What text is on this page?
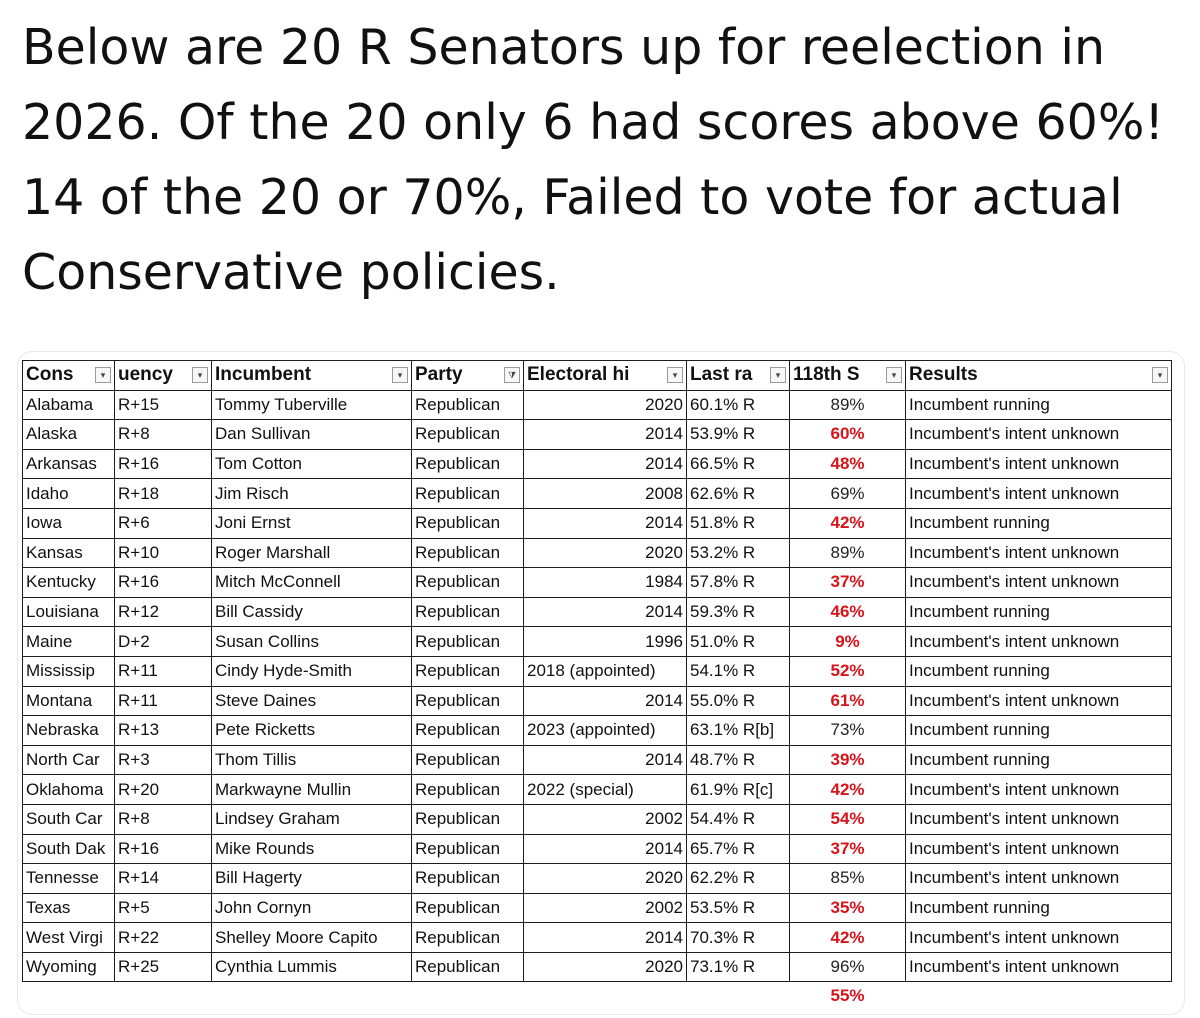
Below are 20 R Senators up for reelection in 2026. Of the 20 only 6 had scores above 60%! 14 of the 20 or 70%, Failed to vote for actual Conservative policies.

Cons ▾	uency ▾	Incumbent ▾	Party ⧩	Electoral hi ▾	Last ra ▾	118th S ▾	Results ▾

Alabama	R+15	Tommy Tuberville	Republican	2020	60.1% R	89%	Incumbent running
Alaska	R+8	Dan Sullivan	Republican	2014	53.9% R	60%	Incumbent's intent unknown
Arkansas	R+16	Tom Cotton	Republican	2014	66.5% R	48%	Incumbent's intent unknown
Idaho	R+18	Jim Risch	Republican	2008	62.6% R	69%	Incumbent's intent unknown
Iowa	R+6	Joni Ernst	Republican	2014	51.8% R	42%	Incumbent running
Kansas	R+10	Roger Marshall	Republican	2020	53.2% R	89%	Incumbent's intent unknown
Kentucky	R+16	Mitch McConnell	Republican	1984	57.8% R	37%	Incumbent's intent unknown
Louisiana	R+12	Bill Cassidy	Republican	2014	59.3% R	46%	Incumbent running
Maine	D+2	Susan Collins	Republican	1996	51.0% R	9%	Incumbent's intent unknown
Mississip	R+11	Cindy Hyde-Smith	Republican	2018 (appointed)	54.1% R	52%	Incumbent running
Montana	R+11	Steve Daines	Republican	2014	55.0% R	61%	Incumbent's intent unknown
Nebraska	R+13	Pete Ricketts	Republican	2023 (appointed)	63.1% R[b]	73%	Incumbent running
North Car	R+3	Thom Tillis	Republican	2014	48.7% R	39%	Incumbent running
Oklahoma	R+20	Markwayne Mullin	Republican	2022 (special)	61.9% R[c]	42%	Incumbent's intent unknown
South Car	R+8	Lindsey Graham	Republican	2002	54.4% R	54%	Incumbent's intent unknown
South Dak	R+16	Mike Rounds	Republican	2014	65.7% R	37%	Incumbent's intent unknown
Tennesse	R+14	Bill Hagerty	Republican	2020	62.2% R	85%	Incumbent's intent unknown
Texas	R+5	John Cornyn	Republican	2002	53.5% R	35%	Incumbent running
West Virgi	R+22	Shelley Moore Capito	Republican	2014	70.3% R	42%	Incumbent's intent unknown
Wyoming	R+25	Cynthia Lummis	Republican	2020	73.1% R	96%	Incumbent's intent unknown
						55%	
